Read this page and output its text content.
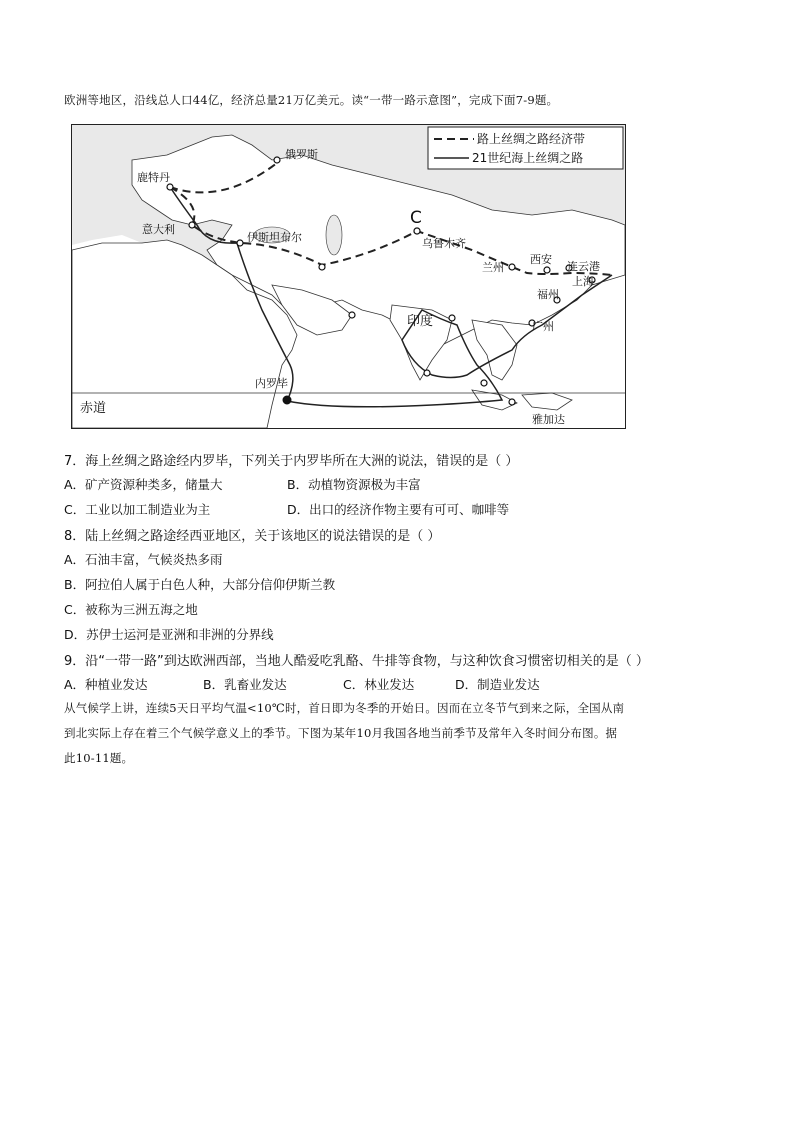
欧洲等地区，沿线总人口44亿，经济总量21万亿美元。读“一带一路示意图”，完成下面7-9题。
俄罗斯
鹿特丹
意大利
伊斯坦布尔	乌鲁木齐
兰州
西安
连云港
上海
福州
广州
印度
内罗毕
雅加达
赤道
C
路上丝绸之路经济带
21世纪海上丝绸之路
7．海上丝绸之路途经内罗毕，下列关于内罗毕所在大洲的说法，错误的是（ ）
A．矿产资源种类多，储量大	B．动植物资源极为丰富
C．工业以加工制造业为主	D．出口的经济作物主要有可可、咖啡等
8．陆上丝绸之路途经西亚地区，关于该地区的说法错误的是（ ）
A．石油丰富，气候炎热多雨
B．阿拉伯人属于白色人种，大部分信仰伊斯兰教
C．被称为三洲五海之地
D．苏伊士运河是亚洲和非洲的分界线
9．沿“一带一路”到达欧洲西部，当地人酷爱吃乳酪、牛排等食物，与这种饮食习惯密切相关的是（ ）
A．种植业发达	B．乳畜业发达	C．林业发达	D．制造业发达
从气候学上讲，连续5天日平均气温<10℃时，首日即为冬季的开始日。因而在立冬节气到来之际，全国从南
到北实际上存在着三个气候学意义上的季节。下图为某年10月我国各地当前季节及常年入冬时间分布图。据
此10-11题。
